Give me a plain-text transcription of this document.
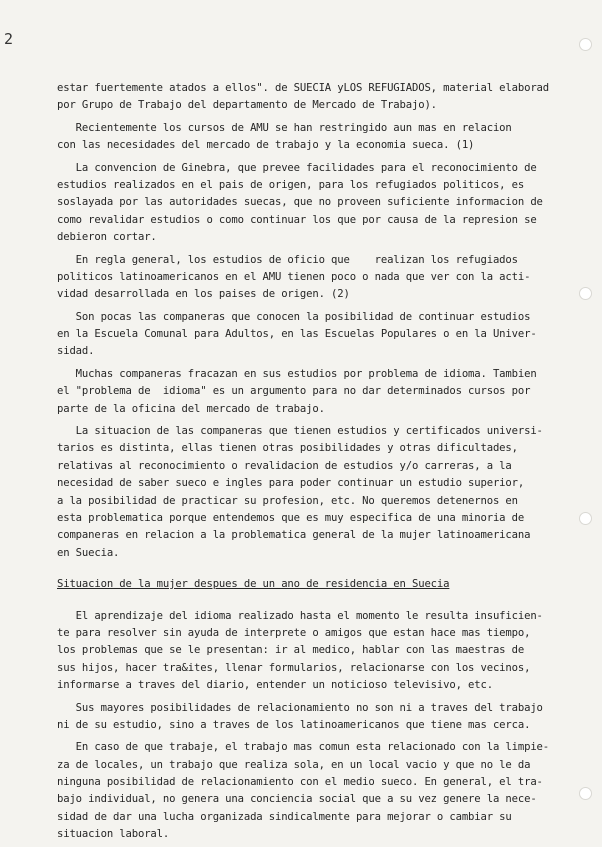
2
estar fuertemente atados a ellos". de SUECIA yLOS REFUGIADOS, material elaborad
por Grupo de Trabajo del departamento de Mercado de Trabajo).
Recientemente los cursos de AMU se han restringido aun mas en relacion
con las necesidades del mercado de trabajo y la economia sueca. (1)
La convencion de Ginebra, que prevee facilidades para el reconocimiento de
estudios realizados en el pais de origen, para los refugiados politicos, es
soslayada por las autoridades suecas, que no proveen suficiente informacion de
como revalidar estudios o como continuar los que por causa de la represion se
debieron cortar.
En regla general, los estudios de oficio que    realizan los refugiados
politicos latinoamericanos en el AMU tienen poco o nada que ver con la acti-
vidad desarrollada en los paises de origen. (2)
Son pocas las companeras que conocen la posibilidad de continuar estudios
en la Escuela Comunal para Adultos, en las Escuelas Populares o en la Univer-
sidad.
Muchas companeras fracazan en sus estudios por problema de idioma. Tambien
el "problema de  idioma" es un argumento para no dar determinados cursos por
parte de la oficina del mercado de trabajo.
La situacion de las companeras que tienen estudios y certificados universi-
tarios es distinta, ellas tienen otras posibilidades y otras dificultades,
relativas al reconocimiento o revalidacion de estudios y/o carreras, a la
necesidad de saber sueco e ingles para poder continuar un estudio superior,
a la posibilidad de practicar su profesion, etc. No queremos detenernos en
esta problematica porque entendemos que es muy especifica de una minoria de
companeras en relacion a la problematica general de la mujer latinoamericana
en Suecia.
Situacion de la mujer despues de un ano de residencia en Suecia
El aprendizaje del idioma realizado hasta el momento le resulta insuficien-
te para resolver sin ayuda de interprete o amigos que estan hace mas tiempo,
los problemas que se le presentan: ir al medico, hablar con las maestras de
sus hijos, hacer tra&ites, llenar formularios, relacionarse con los vecinos,
informarse a traves del diario, entender un noticioso televisivo, etc.
Sus mayores posibilidades de relacionamiento no son ni a traves del trabajo
ni de su estudio, sino a traves de los latinoamericanos que tiene mas cerca.
En caso de que trabaje, el trabajo mas comun esta relacionado con la limpie-
za de locales, un trabajo que realiza sola, en un local vacio y que no le da
ninguna posibilidad de relacionamiento con el medio sueco. En general, el tra-
bajo individual, no genera una conciencia social que a su vez genere la nece-
sidad de dar una lucha organizada sindicalmente para mejorar o cambiar su
situacion laboral.
